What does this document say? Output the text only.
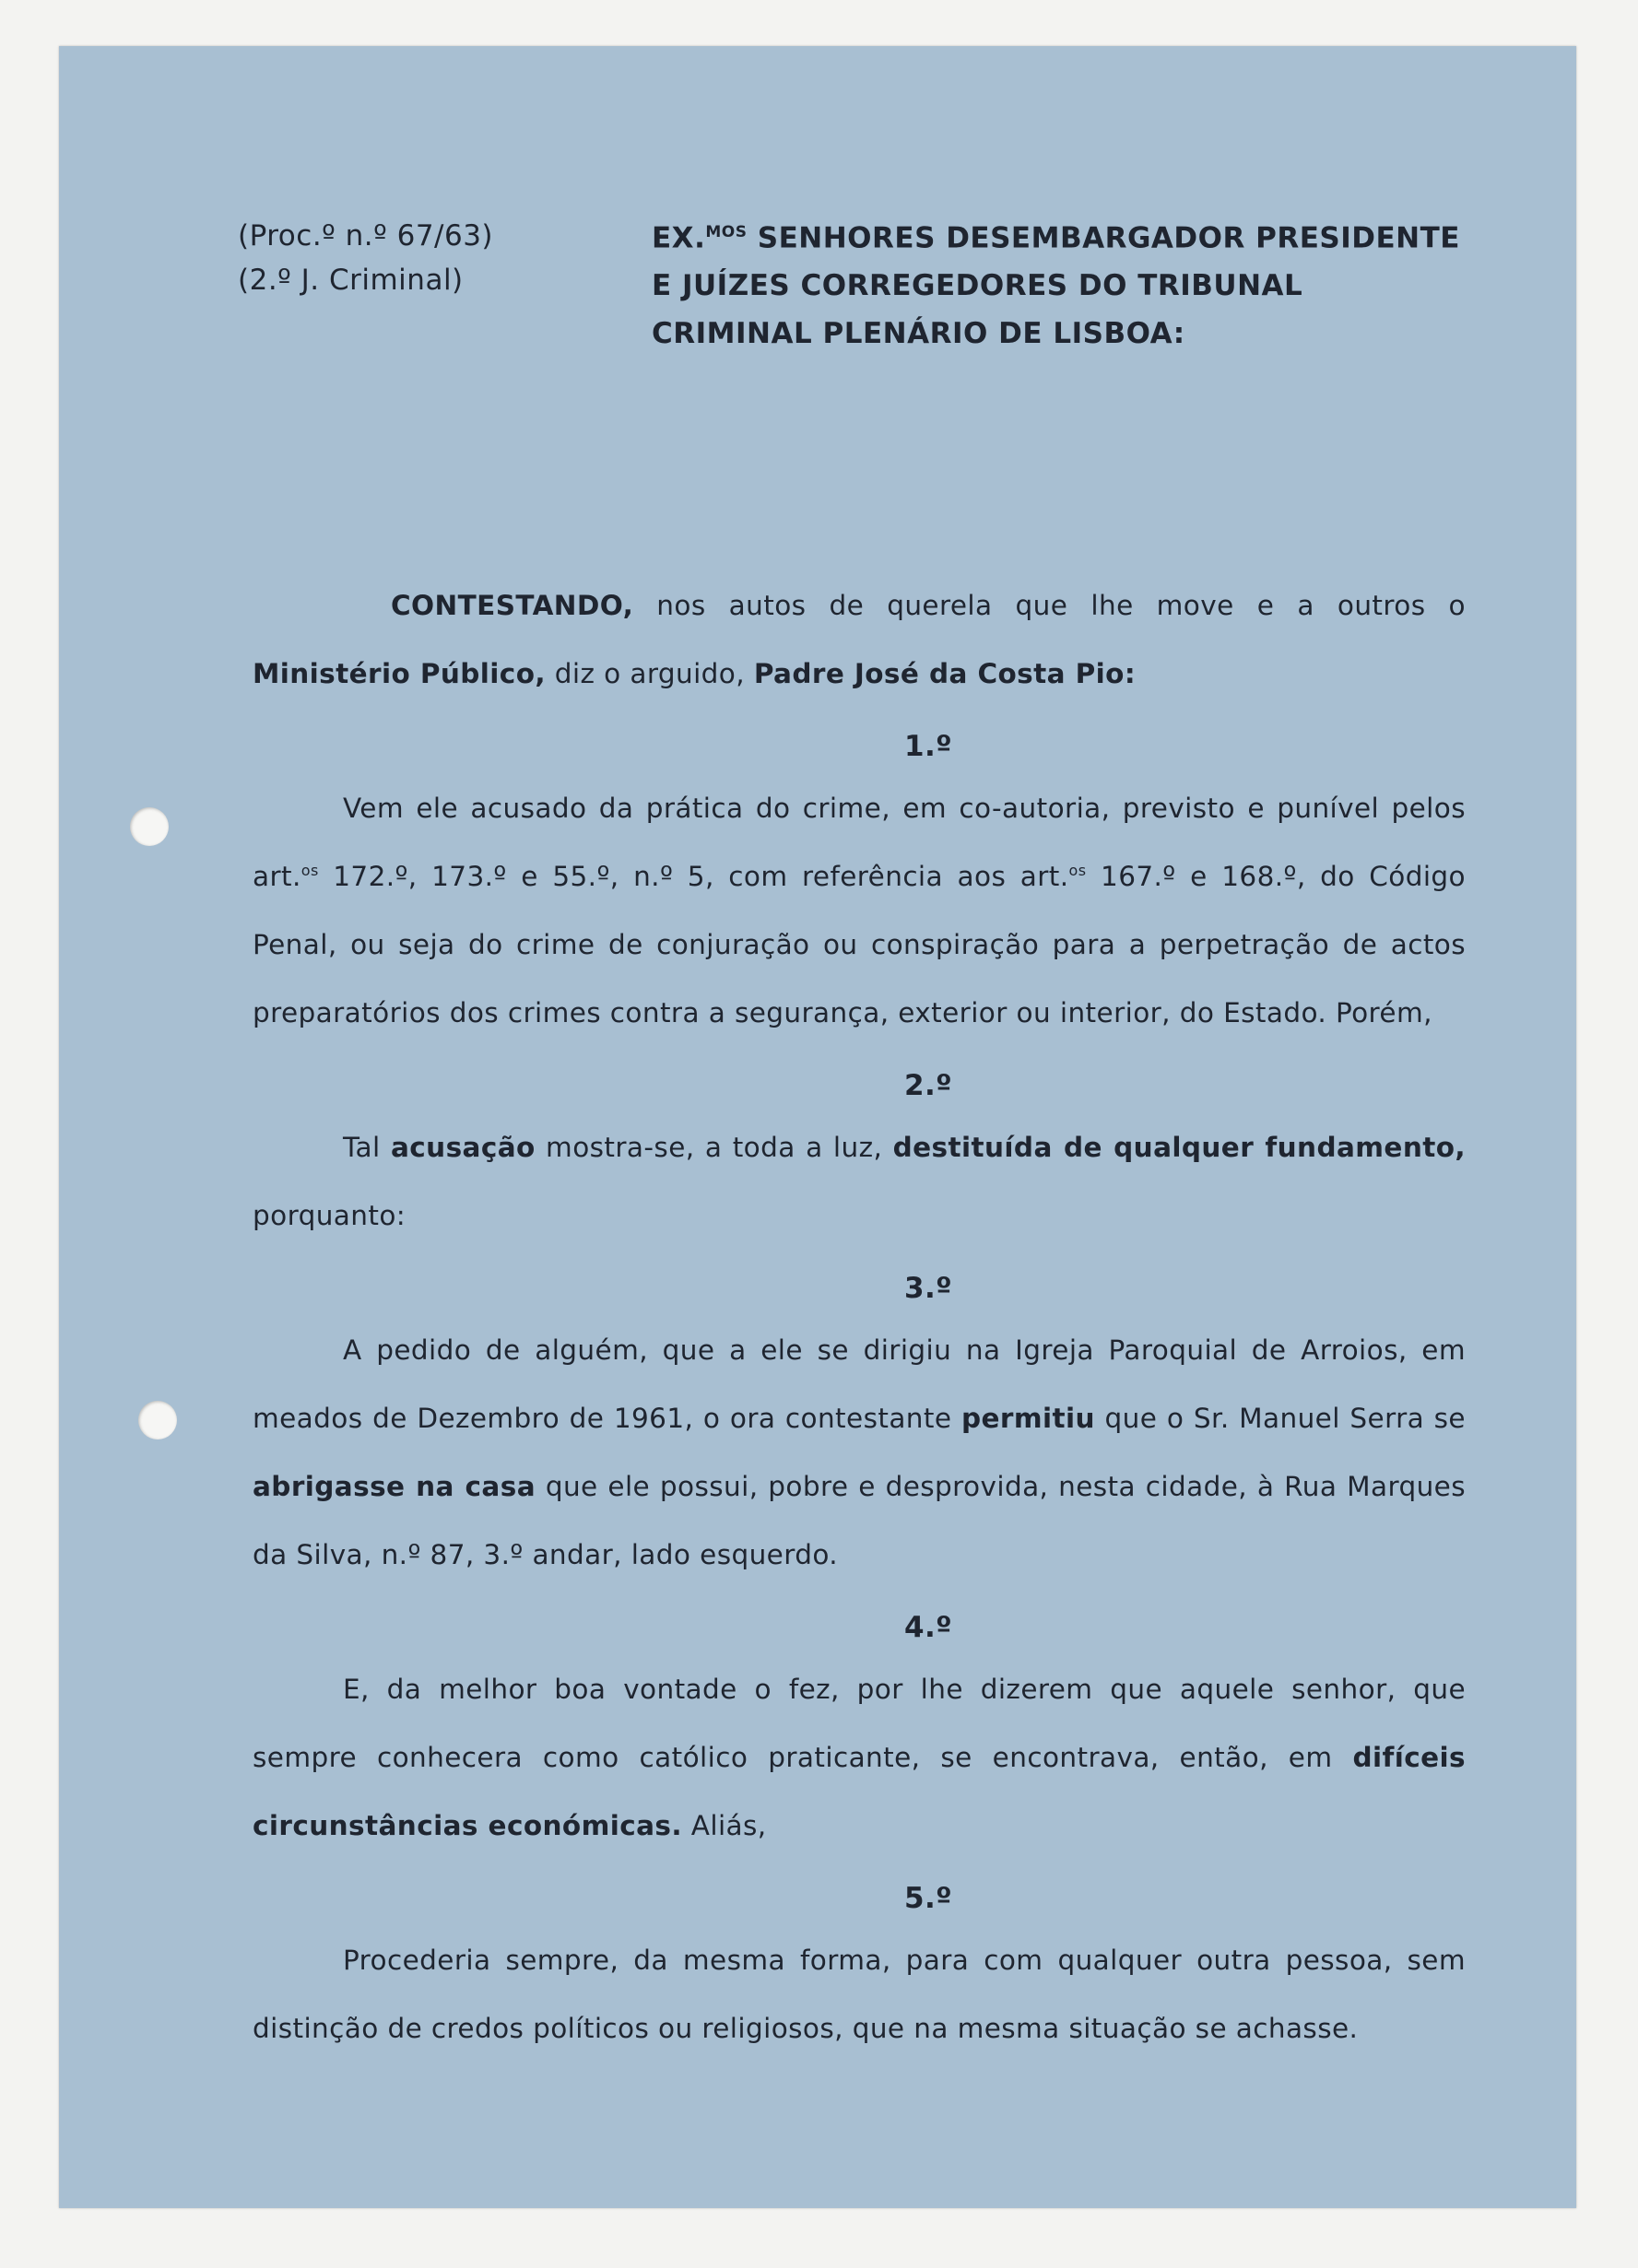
(Proc.º n.º 67/63)
(2.º J. Criminal)
EX.$^{MOS}$ SENHORES DESEMBARGADOR PRESIDENTE E JUÍZES CORREGEDORES DO TRIBUNAL CRIMINAL PLENÁRIO DE LISBOA:

CONTESTANDO, nos autos de querela que lhe move e a outros o Ministério Público, diz o arguido, Padre José da Costa Pio:

1.º

Vem ele acusado da prática do crime, em co-autoria, previsto e punível pelos art.$^{os}$ 172.º, 173.º e 55.º, n.º 5, com referência aos art.$^{os}$ 167.º e 168.º, do Código Penal, ou seja do crime de conjuração ou conspiração para a perpetração de actos preparatórios dos crimes contra a segurança, exterior ou interior, do Estado. Porém,

2.º

Tal acusação mostra-se, a toda a luz, destituída de qualquer fundamento, porquanto:

3.º

A pedido de alguém, que a ele se dirigiu na Igreja Paroquial de Arroios, em meados de Dezembro de 1961, o ora contestante permitiu que o Sr. Manuel Serra se abrigasse na casa que ele possui, pobre e desprovida, nesta cidade, à Rua Marques da Silva, n.º 87, 3.º andar, lado esquerdo.

4.º

E, da melhor boa vontade o fez, por lhe dizerem que aquele senhor, que sempre conhecera como católico praticante, se encontrava, então, em difíceis circunstâncias económicas. Aliás,

5.º

Procederia sempre, da mesma forma, para com qualquer outra pessoa, sem distinção de credos políticos ou religiosos, que na mesma situação se achasse.
